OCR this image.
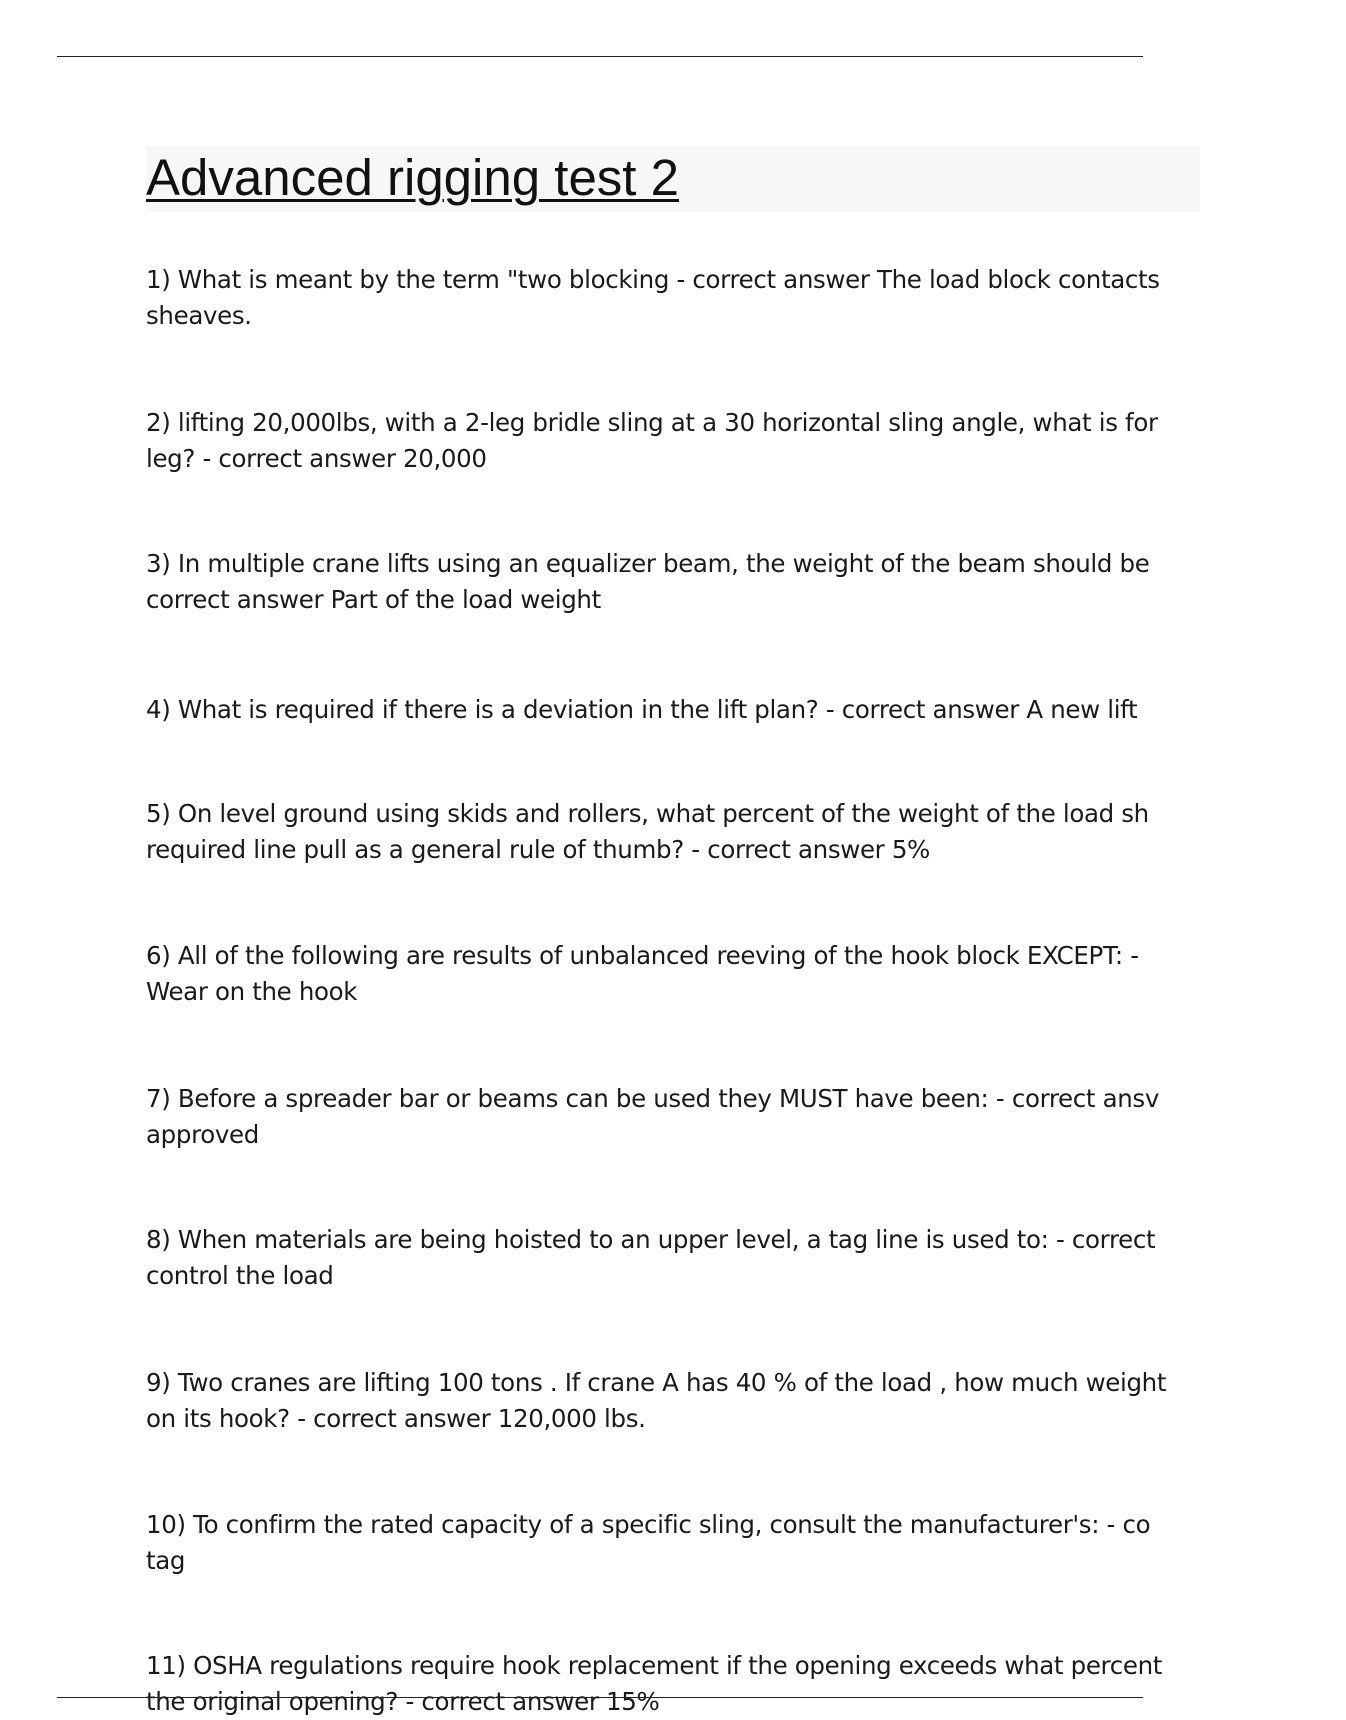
Advanced rigging test 2

1) What is meant by the term "two blocking - correct answer The load block contacts
sheaves.

2) lifting 20,000lbs, with a 2-leg bridle sling at a 30 horizontal sling angle, what is for
leg? - correct answer 20,000

3) In multiple crane lifts using an equalizer beam, the weight of the beam should be
correct answer Part of the load weight

4) What is required if there is a deviation in the lift plan? - correct answer A new lift

5) On level ground using skids and rollers, what percent of the weight of the load sh
required line pull as a general rule of thumb? - correct answer 5%

6) All of the following are results of unbalanced reeving of the hook block EXCEPT: -
Wear on the hook

7) Before a spreader bar or beams can be used they MUST have been: - correct ansv
approved

8) When materials are being hoisted to an upper level, a tag line is used to: - correct
control the load

9) Two cranes are lifting 100 tons . If crane A has 40 % of the load , how much weight
on its hook? - correct answer 120,000 lbs.

10) To confirm the rated capacity of a specific sling, consult the manufacturer's: - co
tag

11) OSHA regulations require hook replacement if the opening exceeds what percent
the original opening? - correct answer 15%
